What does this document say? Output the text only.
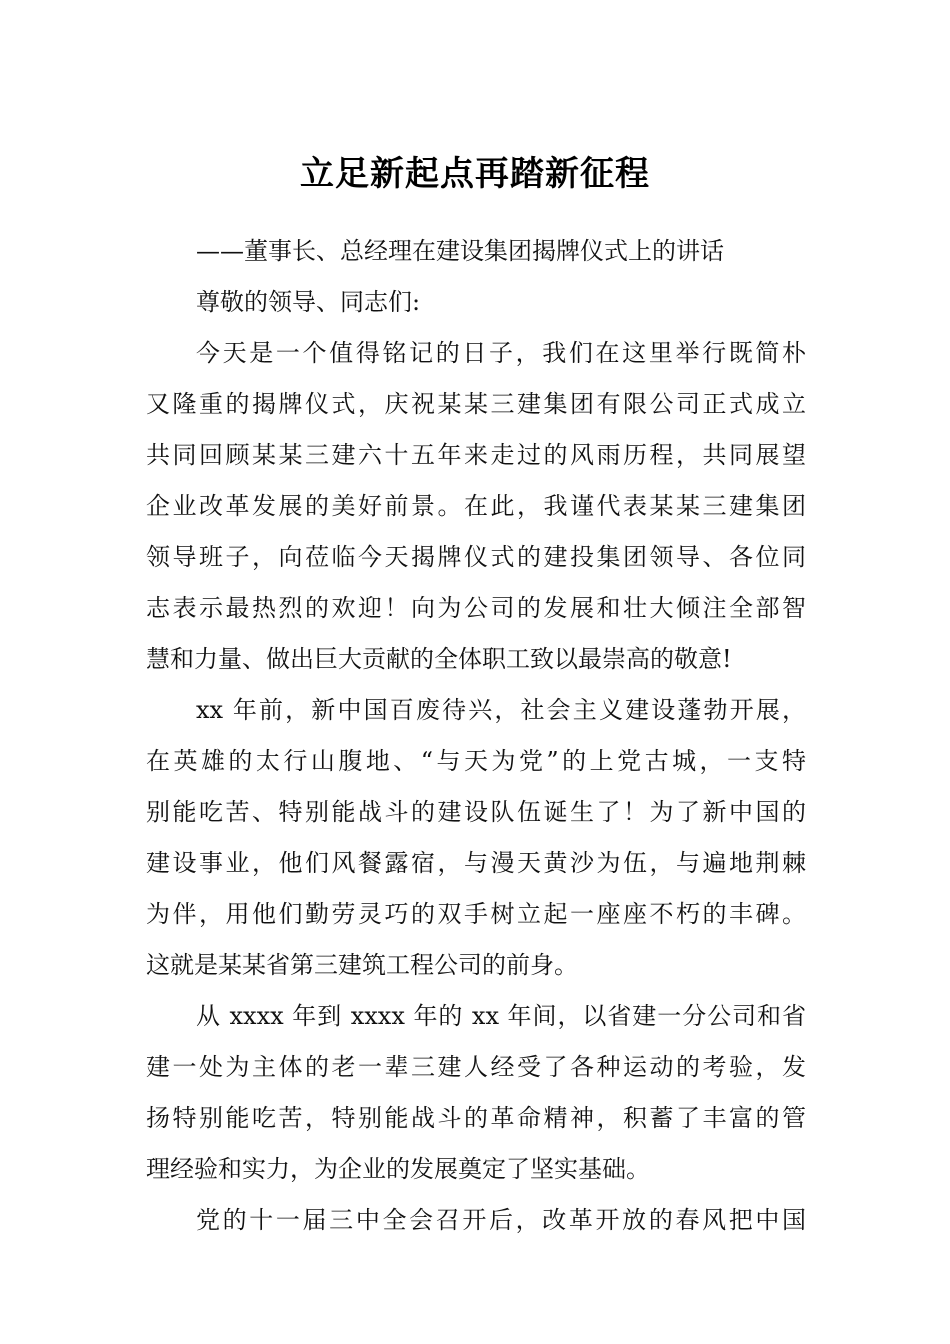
立足新起点再踏新征程
——董事长、总经理在建设集团揭牌仪式上的讲话
尊敬的领导、同志们:
今天是一个值得铭记的日子，我们在这里举行既简朴
又隆重的揭牌仪式，庆祝某某三建集团有限公司正式成立
共同回顾某某三建六十五年来走过的风雨历程，共同展望
企业改革发展的美好前景。在此，我谨代表某某三建集团
领导班子，向莅临今天揭牌仪式的建投集团领导、各位同
志表示最热烈的欢迎！向为公司的发展和壮大倾注全部智
慧和力量、做出巨大贡献的全体职工致以最崇高的敬意!
xx 年前，新中国百废待兴，社会主义建设蓬勃开展，
在英雄的太行山腹地、“与天为党”的上党古城，一支特
别能吃苦、特别能战斗的建设队伍诞生了！为了新中国的
建设事业，他们风餐露宿，与漫天黄沙为伍，与遍地荆棘
为伴，用他们勤劳灵巧的双手树立起一座座不朽的丰碑。
这就是某某省第三建筑工程公司的前身。
从 xxxx 年到 xxxx 年的 xx 年间，以省建一分公司和省
建一处为主体的老一辈三建人经受了各种运动的考验，发
扬特别能吃苦，特别能战斗的革命精神，积蓄了丰富的管
理经验和实力，为企业的发展奠定了坚实基础。
党的十一届三中全会召开后，改革开放的春风把中国
